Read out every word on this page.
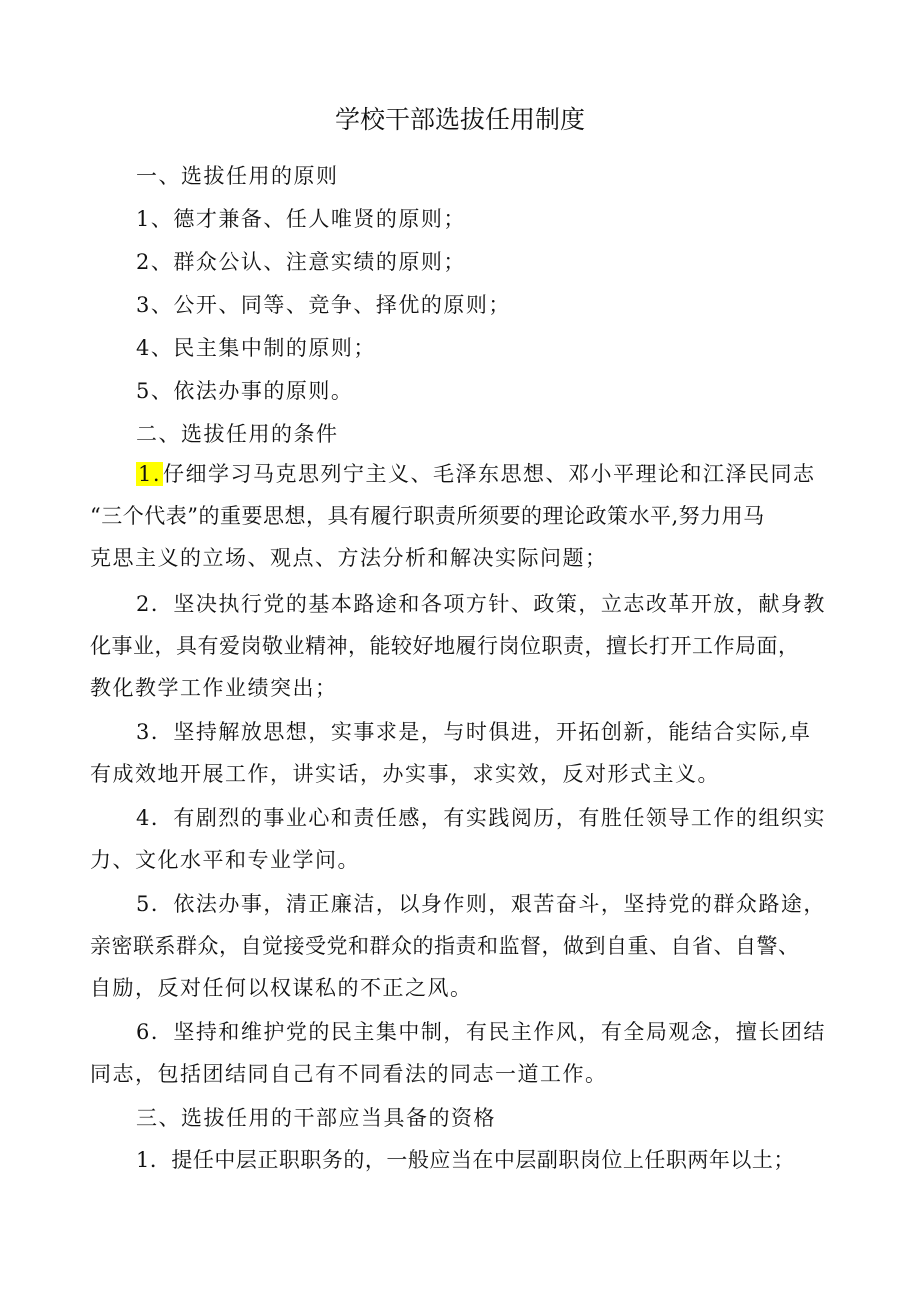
学校干部选拔任用制度
一、选拔任用的原则
1、德才兼备、任人唯贤的原则；
2、群众公认、注意实绩的原则；
3、公开、同等、竞争、择优的原则；
4、民主集中制的原则；
5、依法办事的原则。
二、选拔任用的条件
1.仔细学习马克思列宁主义、毛泽东思想、邓小平理论和江泽民同志
“三个代表”的重要思想，具有履行职责所须要的理论政策水平,努力用马
克思主义的立场、观点、方法分析和解决实际问题；
2．坚决执行党的基本路途和各项方针、政策，立志改革开放，献身教
化事业，具有爱岗敬业精神，能较好地履行岗位职责，擅长打开工作局面，
教化教学工作业绩突出；
3．坚持解放思想，实事求是，与时俱进，开拓创新，能结合实际,卓
有成效地开展工作，讲实话，办实事，求实效，反对形式主义。
4．有剧烈的事业心和责任感，有实践阅历，有胜任领导工作的组织实
力、文化水平和专业学问。
5．依法办事，清正廉洁，以身作则，艰苦奋斗，坚持党的群众路途，
亲密联系群众，自觉接受党和群众的指责和监督，做到自重、自省、自警、
自励，反对任何以权谋私的不正之风。
6．坚持和维护党的民主集中制，有民主作风，有全局观念，擅长团结
同志，包括团结同自己有不同看法的同志一道工作。
三、选拔任用的干部应当具备的资格
1．提任中层正职职务的，一般应当在中层副职岗位上任职两年以土；
